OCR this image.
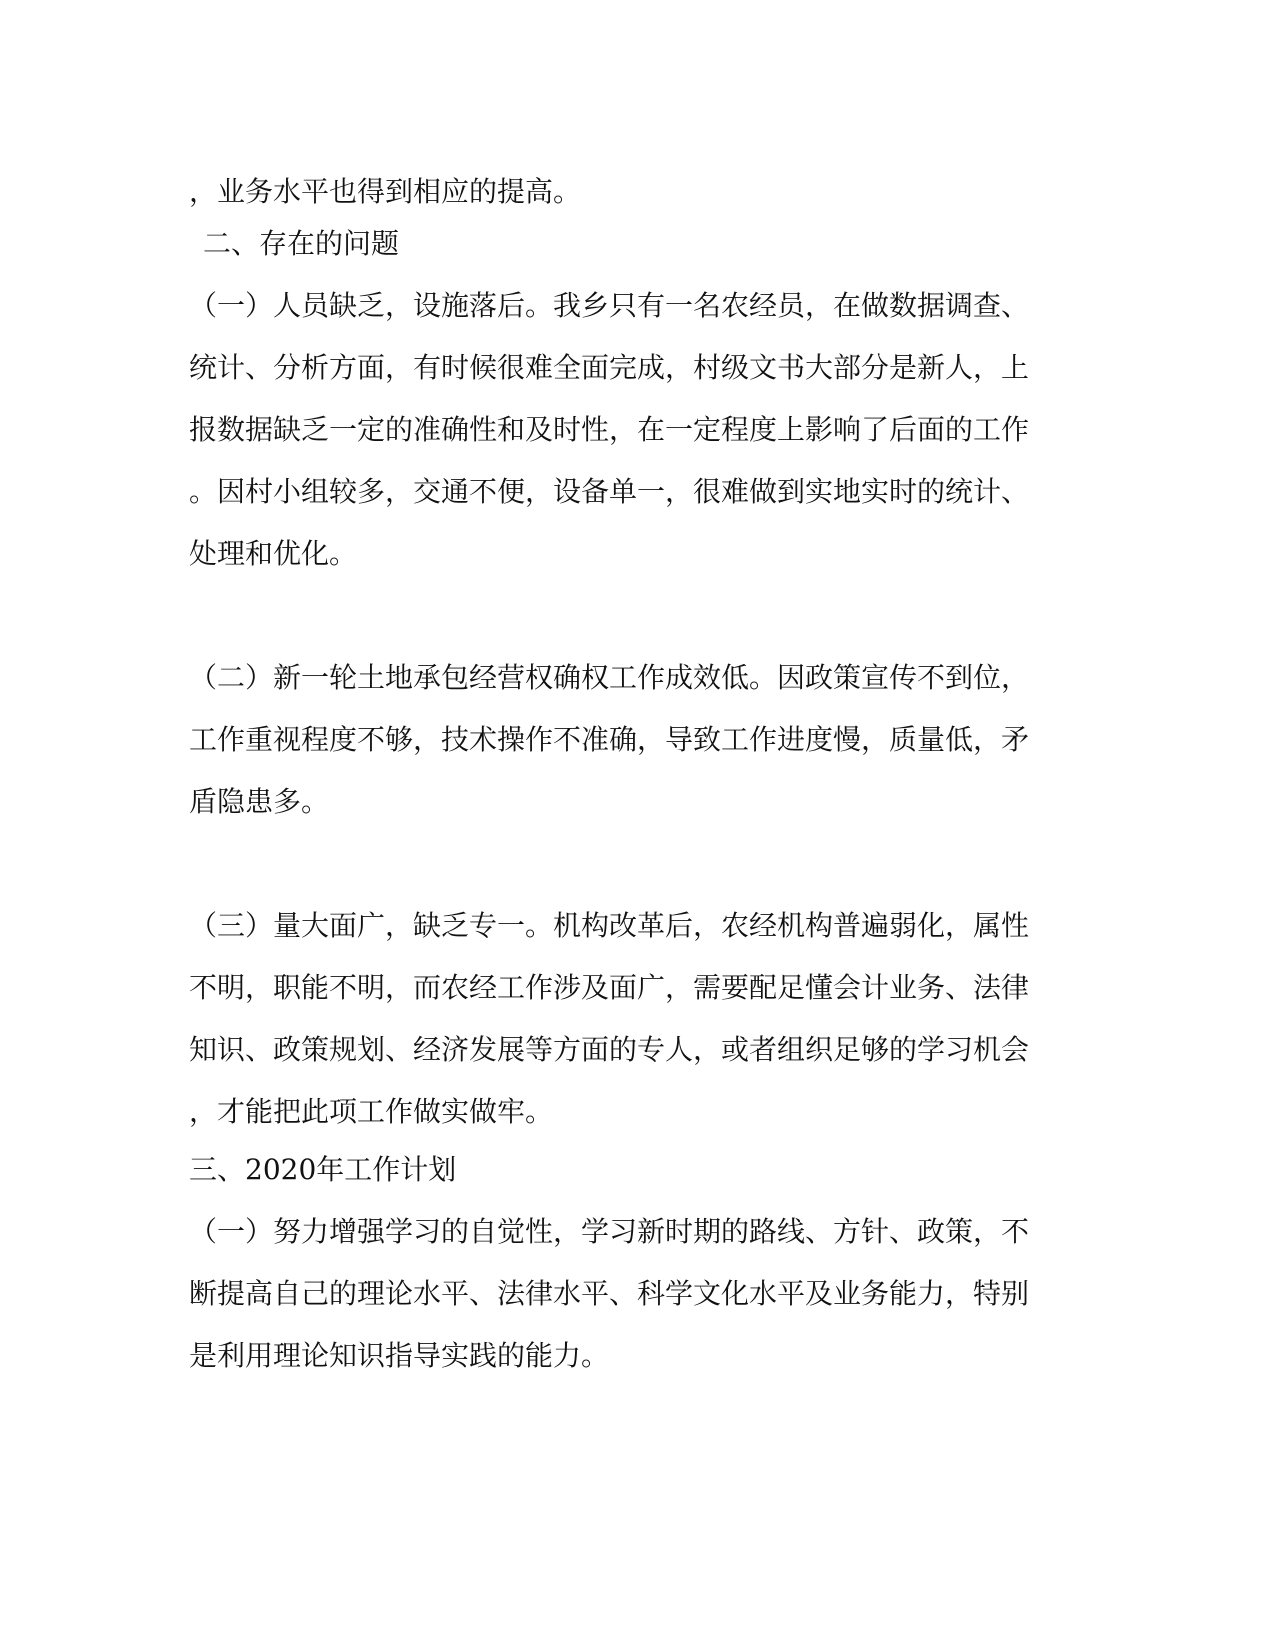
，业务水平也得到相应的提高。
二、存在的问题
（一）人员缺乏，设施落后。我乡只有一名农经员，在做数据调查、
统计、分析方面，有时候很难全面完成，村级文书大部分是新人，上
报数据缺乏一定的准确性和及时性，在一定程度上影响了后面的工作
。因村小组较多，交通不便，设备单一，很难做到实地实时的统计、
处理和优化。
（二）新一轮土地承包经营权确权工作成效低。因政策宣传不到位，
工作重视程度不够，技术操作不准确，导致工作进度慢，质量低，矛
盾隐患多。
（三）量大面广，缺乏专一。机构改革后，农经机构普遍弱化，属性
不明，职能不明，而农经工作涉及面广，需要配足懂会计业务、法律
知识、政策规划、经济发展等方面的专人，或者组织足够的学习机会
，才能把此项工作做实做牢。
三、2020年工作计划
（一）努力增强学习的自觉性，学习新时期的路线、方针、政策，不
断提高自己的理论水平、法律水平、科学文化水平及业务能力，特别
是利用理论知识指导实践的能力。
